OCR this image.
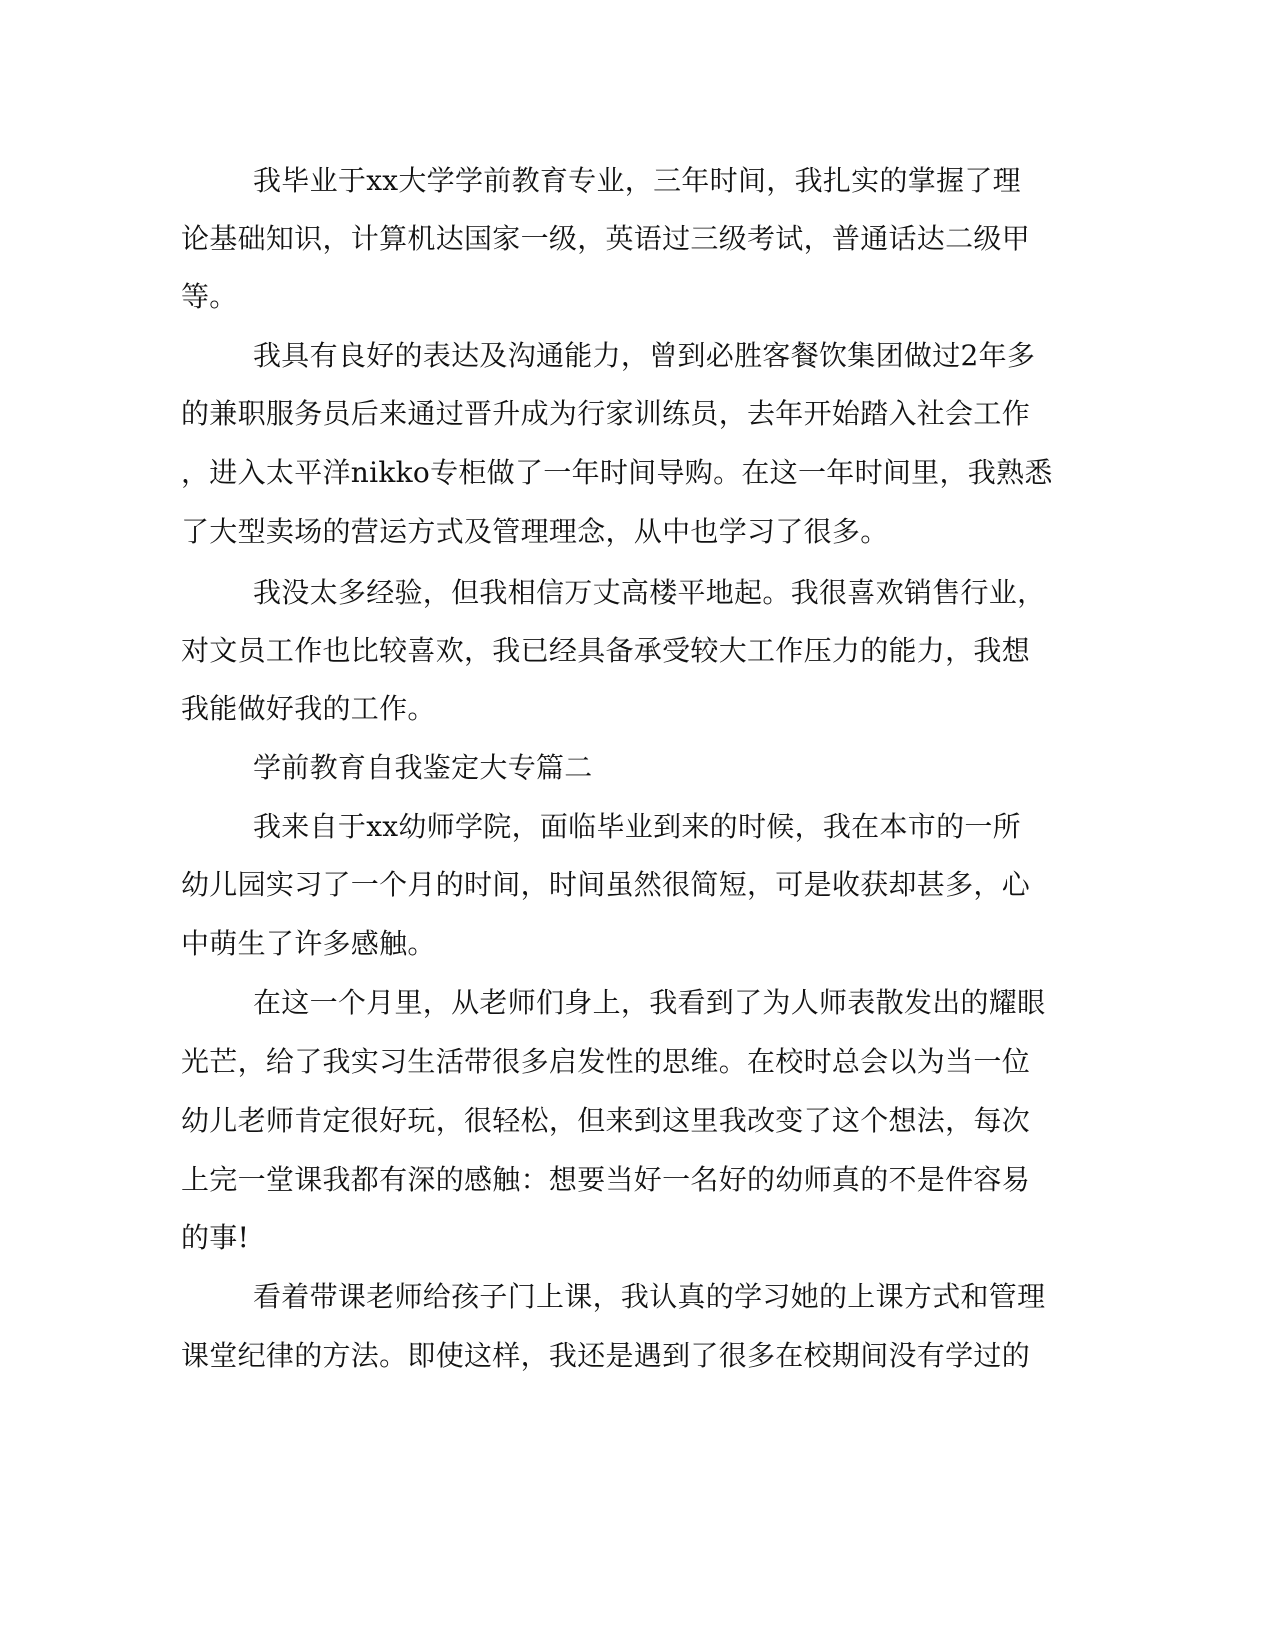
我毕业于xx大学学前教育专业，三年时间，我扎实的掌握了理
论基础知识，计算机达国家一级，英语过三级考试，普通话达二级甲
等。
我具有良好的表达及沟通能力，曾到必胜客餐饮集团做过2年多
的兼职服务员后来通过晋升成为行家训练员，去年开始踏入社会工作
，进入太平洋nikko专柜做了一年时间导购。在这一年时间里，我熟悉
了大型卖场的营运方式及管理理念，从中也学习了很多。
我没太多经验，但我相信万丈高楼平地起。我很喜欢销售行业，
对文员工作也比较喜欢，我已经具备承受较大工作压力的能力，我想
我能做好我的工作。
学前教育自我鉴定大专篇二
我来自于xx幼师学院，面临毕业到来的时候，我在本市的一所
幼儿园实习了一个月的时间，时间虽然很简短，可是收获却甚多，心
中萌生了许多感触。
在这一个月里，从老师们身上，我看到了为人师表散发出的耀眼
光芒，给了我实习生活带很多启发性的思维。在校时总会以为当一位
幼儿老师肯定很好玩，很轻松，但来到这里我改变了这个想法，每次
上完一堂课我都有深的感触：想要当好一名好的幼师真的不是件容易
的事!
看着带课老师给孩子门上课，我认真的学习她的上课方式和管理
课堂纪律的方法。即使这样，我还是遇到了很多在校期间没有学过的
